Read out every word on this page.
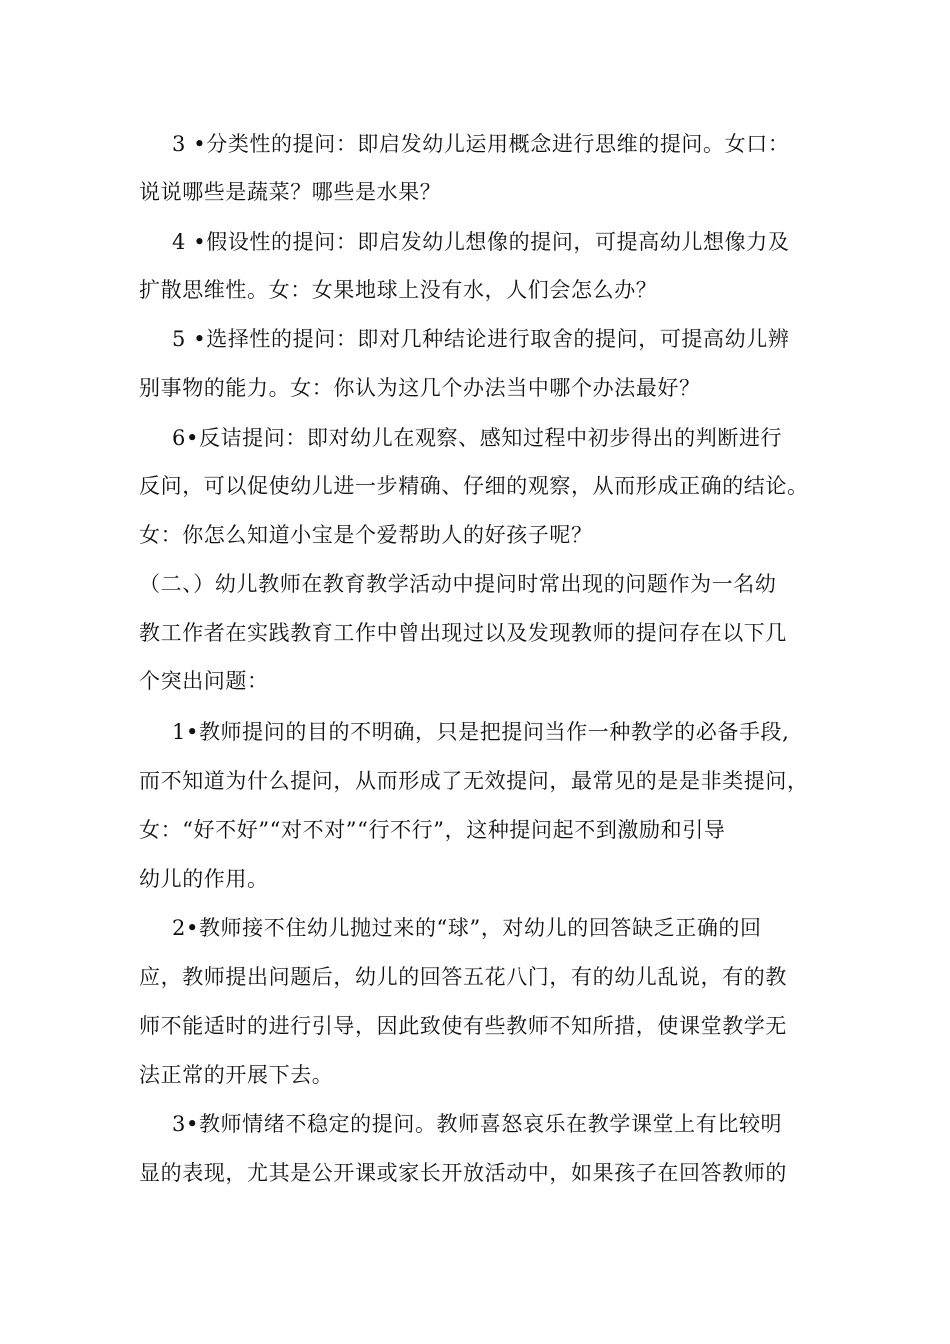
3 •分类性的提问：即启发幼儿运用概念进行思维的提问。女口：
说说哪些是蔬菜？哪些是水果？
4 •假设性的提问：即启发幼儿想像的提问，可提高幼儿想像力及
扩散思维性。女：女果地球上没有水，人们会怎么办？
5 •选择性的提问：即对几种结论进行取舍的提问，可提高幼儿辨
别事物的能力。女：你认为这几个办法当中哪个办法最好？
6•反诘提问：即对幼儿在观察、感知过程中初步得出的判断进行
反问，可以促使幼儿进一步精确、仔细的观察，从而形成正确的结论。
女：你怎么知道小宝是个爱帮助人的好孩子呢？
（二、）幼儿教师在教育教学活动中提问时常出现的问题作为一名幼
教工作者在实践教育工作中曾出现过以及发现教师的提问存在以下几
个突出问题：
1•教师提问的目的不明确，只是把提问当作一种教学的必备手段,
而不知道为什么提问，从而形成了无效提问，最常见的是是非类提问，
女：“好不好”“对不对”“行不行”，这种提问起不到激励和引导
幼儿的作用。
2•教师接不住幼儿抛过来的“球”，对幼儿的回答缺乏正确的回
应，教师提出问题后，幼儿的回答五花八门，有的幼儿乱说，有的教
师不能适时的进行引导，因此致使有些教师不知所措，使课堂教学无
法正常的开展下去。
3•教师情绪不稳定的提问。教师喜怒哀乐在教学课堂上有比较明
显的表现，尤其是公开课或家长开放活动中，如果孩子在回答教师的
